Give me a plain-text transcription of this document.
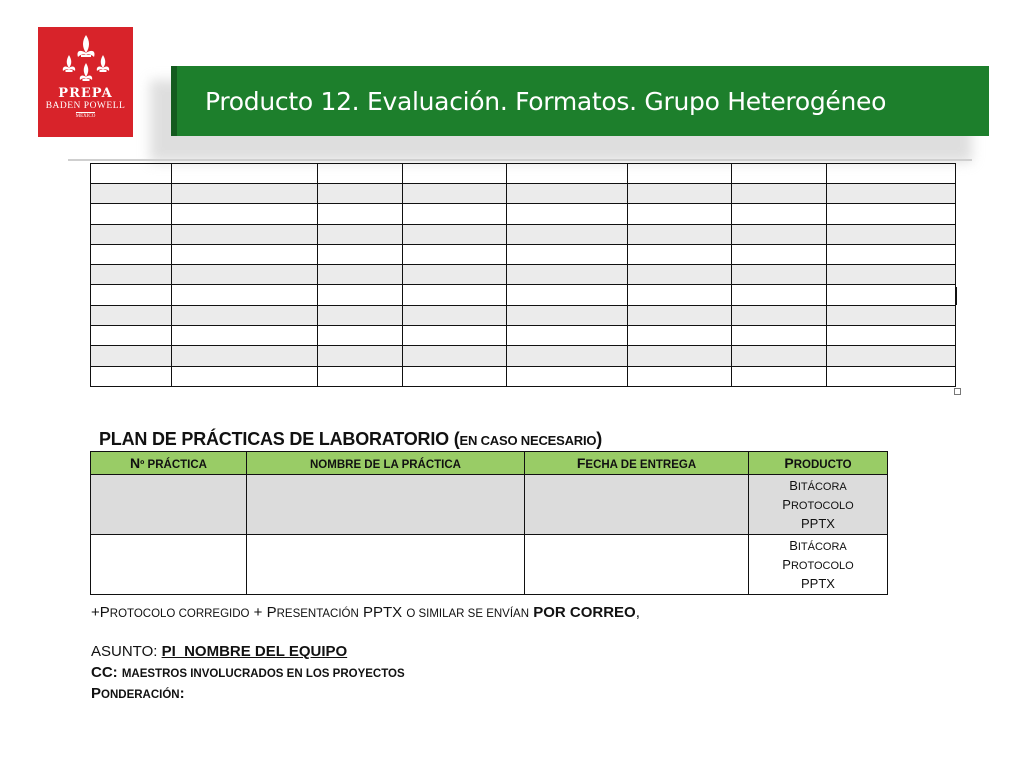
PREPA
BADEN POWELL
MÉXICO
Producto 12. Evaluación. Formatos. Grupo Heterogéneo

PLAN DE PRÁCTICAS DE LABORATORIO (EN CASO NECESARIO)
Nº PRÁCTICA	NOMBRE DE LA PRÁCTICA	FECHA DE ENTREGA	PRODUCTO

			BITÁCORA
PROTOCOLO
PPTX

			BITÁCORA
PROTOCOLO
PPTX
+PROTOCOLO CORREGIDO + PRESENTACIÓN PPTX O SIMILAR SE ENVÍAN POR CORREO,
ASUNTO: PI_NOMBRE DEL EQUIPO
CC: MAESTROS INVOLUCRADOS EN LOS PROYECTOS
PONDERACIÓN:
